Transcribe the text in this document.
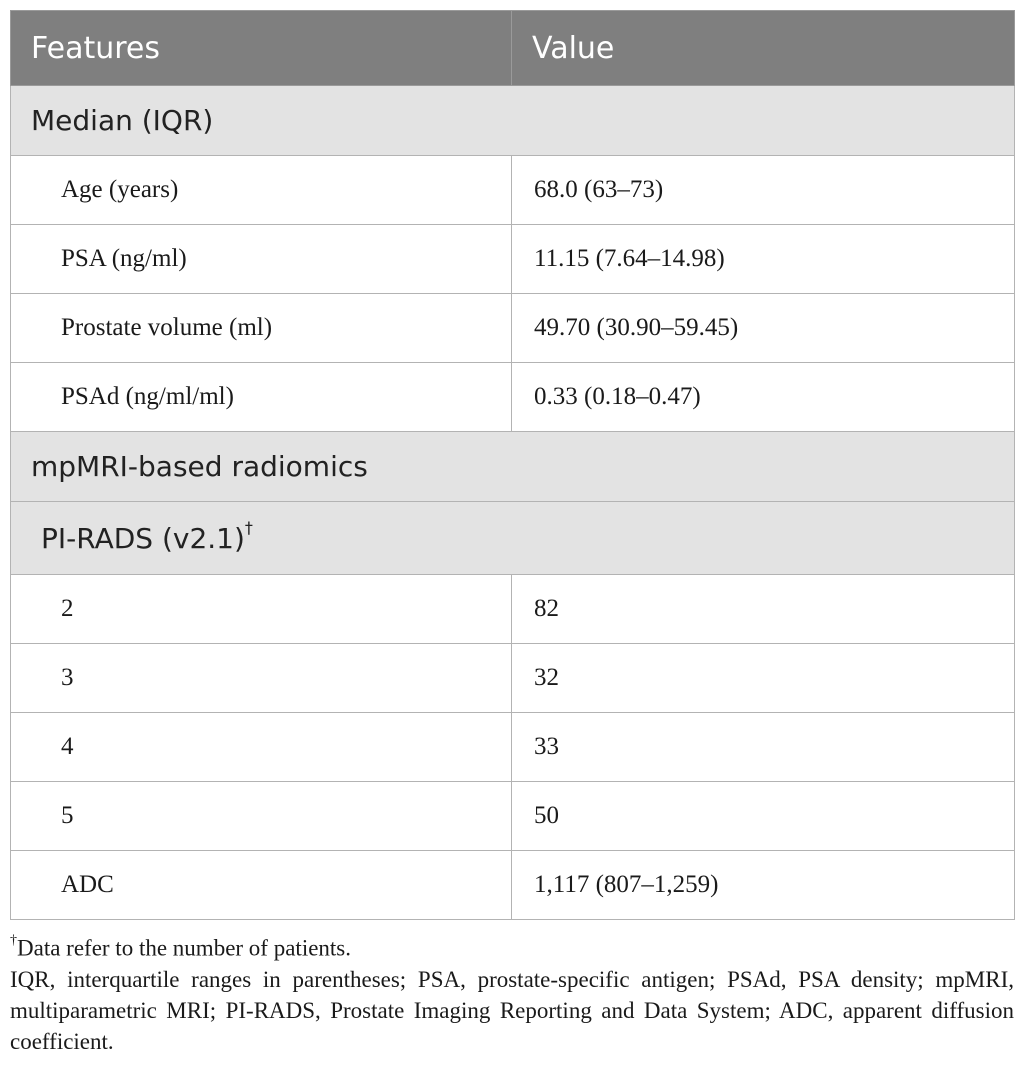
Features	Value
Median (IQR)	
Age (years)	68.0 (63–73)
PSA (ng/ml)	11.15 (7.64–14.98)
Prostate volume (ml)	49.70 (30.90–59.45)
PSAd (ng/ml/ml)	0.33 (0.18–0.47)
mpMRI-based radiomics	
PI-RADS (v2.1)†
2	82
3	32
4	33
5	50
ADC	1,117 (807–1,259)

†Data refer to the number of patients.

IQR, interquartile ranges in parentheses; PSA, prostate-specific antigen; PSAd, PSA density; mpMRI, multiparametric MRI; PI-RADS, Prostate Imaging Reporting and Data System; ADC, apparent diffusion coefficient.
